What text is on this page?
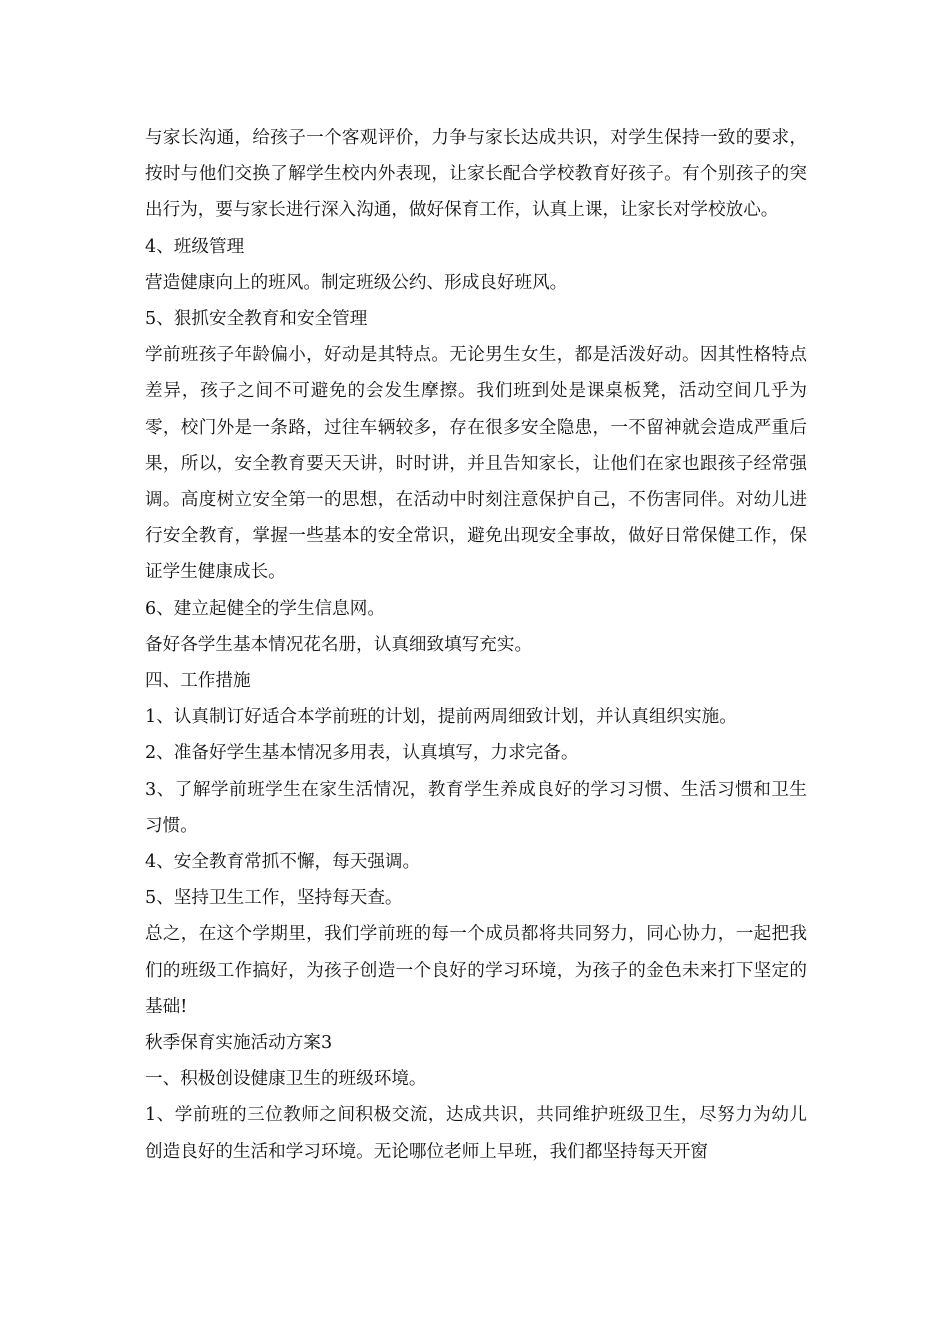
与家长沟通，给孩子一个客观评价，力争与家长达成共识，对学生保持一致的要求，按时与他们交换了解学生校内外表现，让家长配合学校教育好孩子。有个别孩子的突出行为，要与家长进行深入沟通，做好保育工作，认真上课，让家长对学校放心。

4、班级管理

营造健康向上的班风。制定班级公约、形成良好班风。

5、狠抓安全教育和安全管理

学前班孩子年龄偏小，好动是其特点。无论男生女生，都是活泼好动。因其性格特点差异，孩子之间不可避免的会发生摩擦。我们班到处是课桌板凳，活动空间几乎为零，校门外是一条路，过往车辆较多，存在很多安全隐患，一不留神就会造成严重后果，所以，安全教育要天天讲，时时讲，并且告知家长，让他们在家也跟孩子经常强调。高度树立安全第一的思想，在活动中时刻注意保护自己，不伤害同伴。对幼儿进行安全教育，掌握一些基本的安全常识，避免出现安全事故，做好日常保健工作，保证学生健康成长。

6、建立起健全的学生信息网。

备好各学生基本情况花名册，认真细致填写充实。

四、工作措施

1、认真制订好适合本学前班的计划，提前两周细致计划，并认真组织实施。

2、准备好学生基本情况多用表，认真填写，力求完备。

3、了解学前班学生在家生活情况，教育学生养成良好的学习习惯、生活习惯和卫生习惯。

4、安全教育常抓不懈，每天强调。

5、坚持卫生工作，坚持每天查。

总之，在这个学期里，我们学前班的每一个成员都将共同努力，同心协力，一起把我们的班级工作搞好，为孩子创造一个良好的学习环境，为孩子的金色未来打下坚定的基础!

秋季保育实施活动方案3

一、积极创设健康卫生的班级环境。

1、学前班的三位教师之间积极交流，达成共识，共同维护班级卫生，尽努力为幼儿创造良好的生活和学习环境。无论哪位老师上早班，我们都坚持每天开窗
